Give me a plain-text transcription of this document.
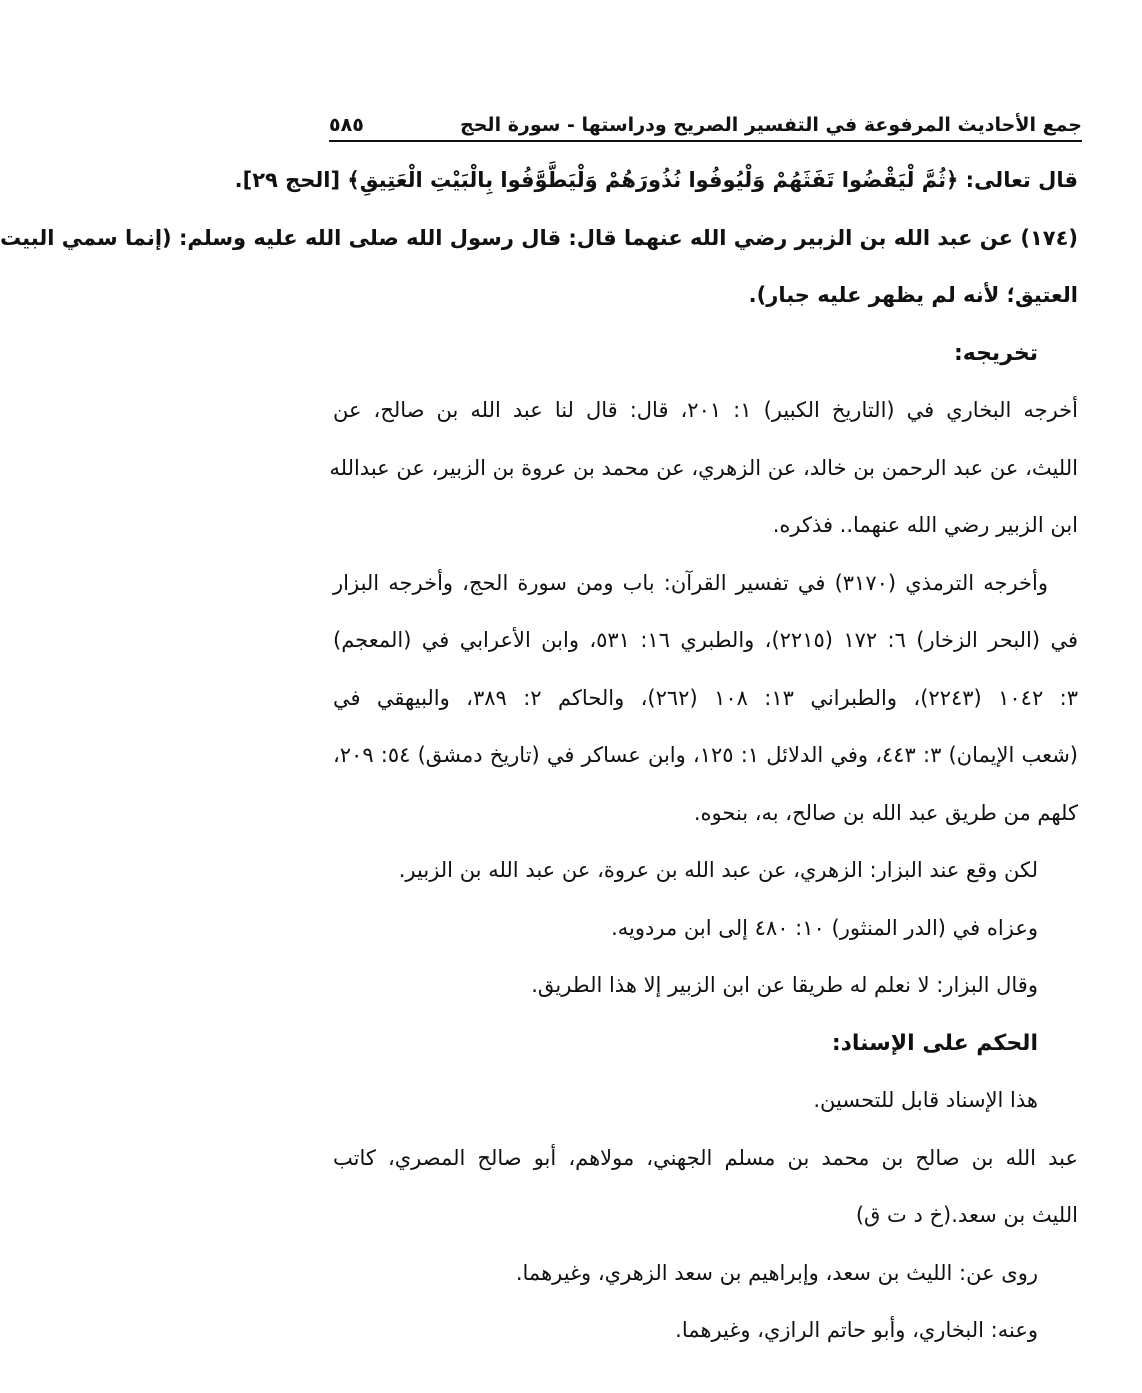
جمع الأحاديث المرفوعة في التفسير الصريح ودراستها - سورة الحج
٥٨٥
قال تعالى: ﴿ثُمَّ لْيَقْضُوا تَفَثَهُمْ وَلْيُوفُوا نُذُورَهُمْ وَلْيَطَّوَّفُوا بِالْبَيْتِ الْعَتِيقِ﴾ [الحج ٢٩].
(١٧٤) عن عبد الله بن الزبير رضي الله عنهما قال: قال رسول الله صلى الله عليه وسلم: (إنما سمي البيت
العتيق؛ لأنه لم يظهر عليه جبار).
تخريجه:
أخرجه البخاري في (التاريخ الكبير) ١: ٢٠١، قال: قال لنا عبد الله بن صالح، عن
الليث، عن عبد الرحمن بن خالد، عن الزهري، عن محمد بن عروة بن الزبير، عن عبدالله
ابن الزبير رضي الله عنهما.. فذكره.
وأخرجه الترمذي (٣١٧٠) في تفسير القرآن: باب ومن سورة الحج، وأخرجه البزار
في (البحر الزخار) ٦: ١٧٢ (٢٢١٥)، والطبري ١٦: ٥٣١، وابن الأعرابي في (المعجم)
٣: ١٠٤٢ (٢٢٤٣)، والطبراني ١٣: ١٠٨ (٢٦٢)، والحاكم ٢: ٣٨٩، والبيهقي في
(شعب الإيمان) ٣: ٤٤٣، وفي الدلائل ١: ١٢٥، وابن عساكر في (تاريخ دمشق) ٥٤: ٢٠٩،
كلهم من طريق عبد الله بن صالح، به، بنحوه.
لكن وقع عند البزار: الزهري، عن عبد الله بن عروة، عن عبد الله بن الزبير.
وعزاه في (الدر المنثور) ١٠: ٤٨٠ إلى ابن مردويه.
وقال البزار: لا نعلم له طريقا عن ابن الزبير إلا هذا الطريق.
الحكم على الإسناد:
هذا الإسناد قابل للتحسين.
عبد الله بن صالح بن محمد بن مسلم الجهني، مولاهم، أبو صالح المصري، كاتب
الليث بن سعد.(خ د ت ق)
روى عن: الليث بن سعد، وإبراهيم بن سعد الزهري، وغيرهما.
وعنه: البخاري، وأبو حاتم الرازي، وغيرهما.
